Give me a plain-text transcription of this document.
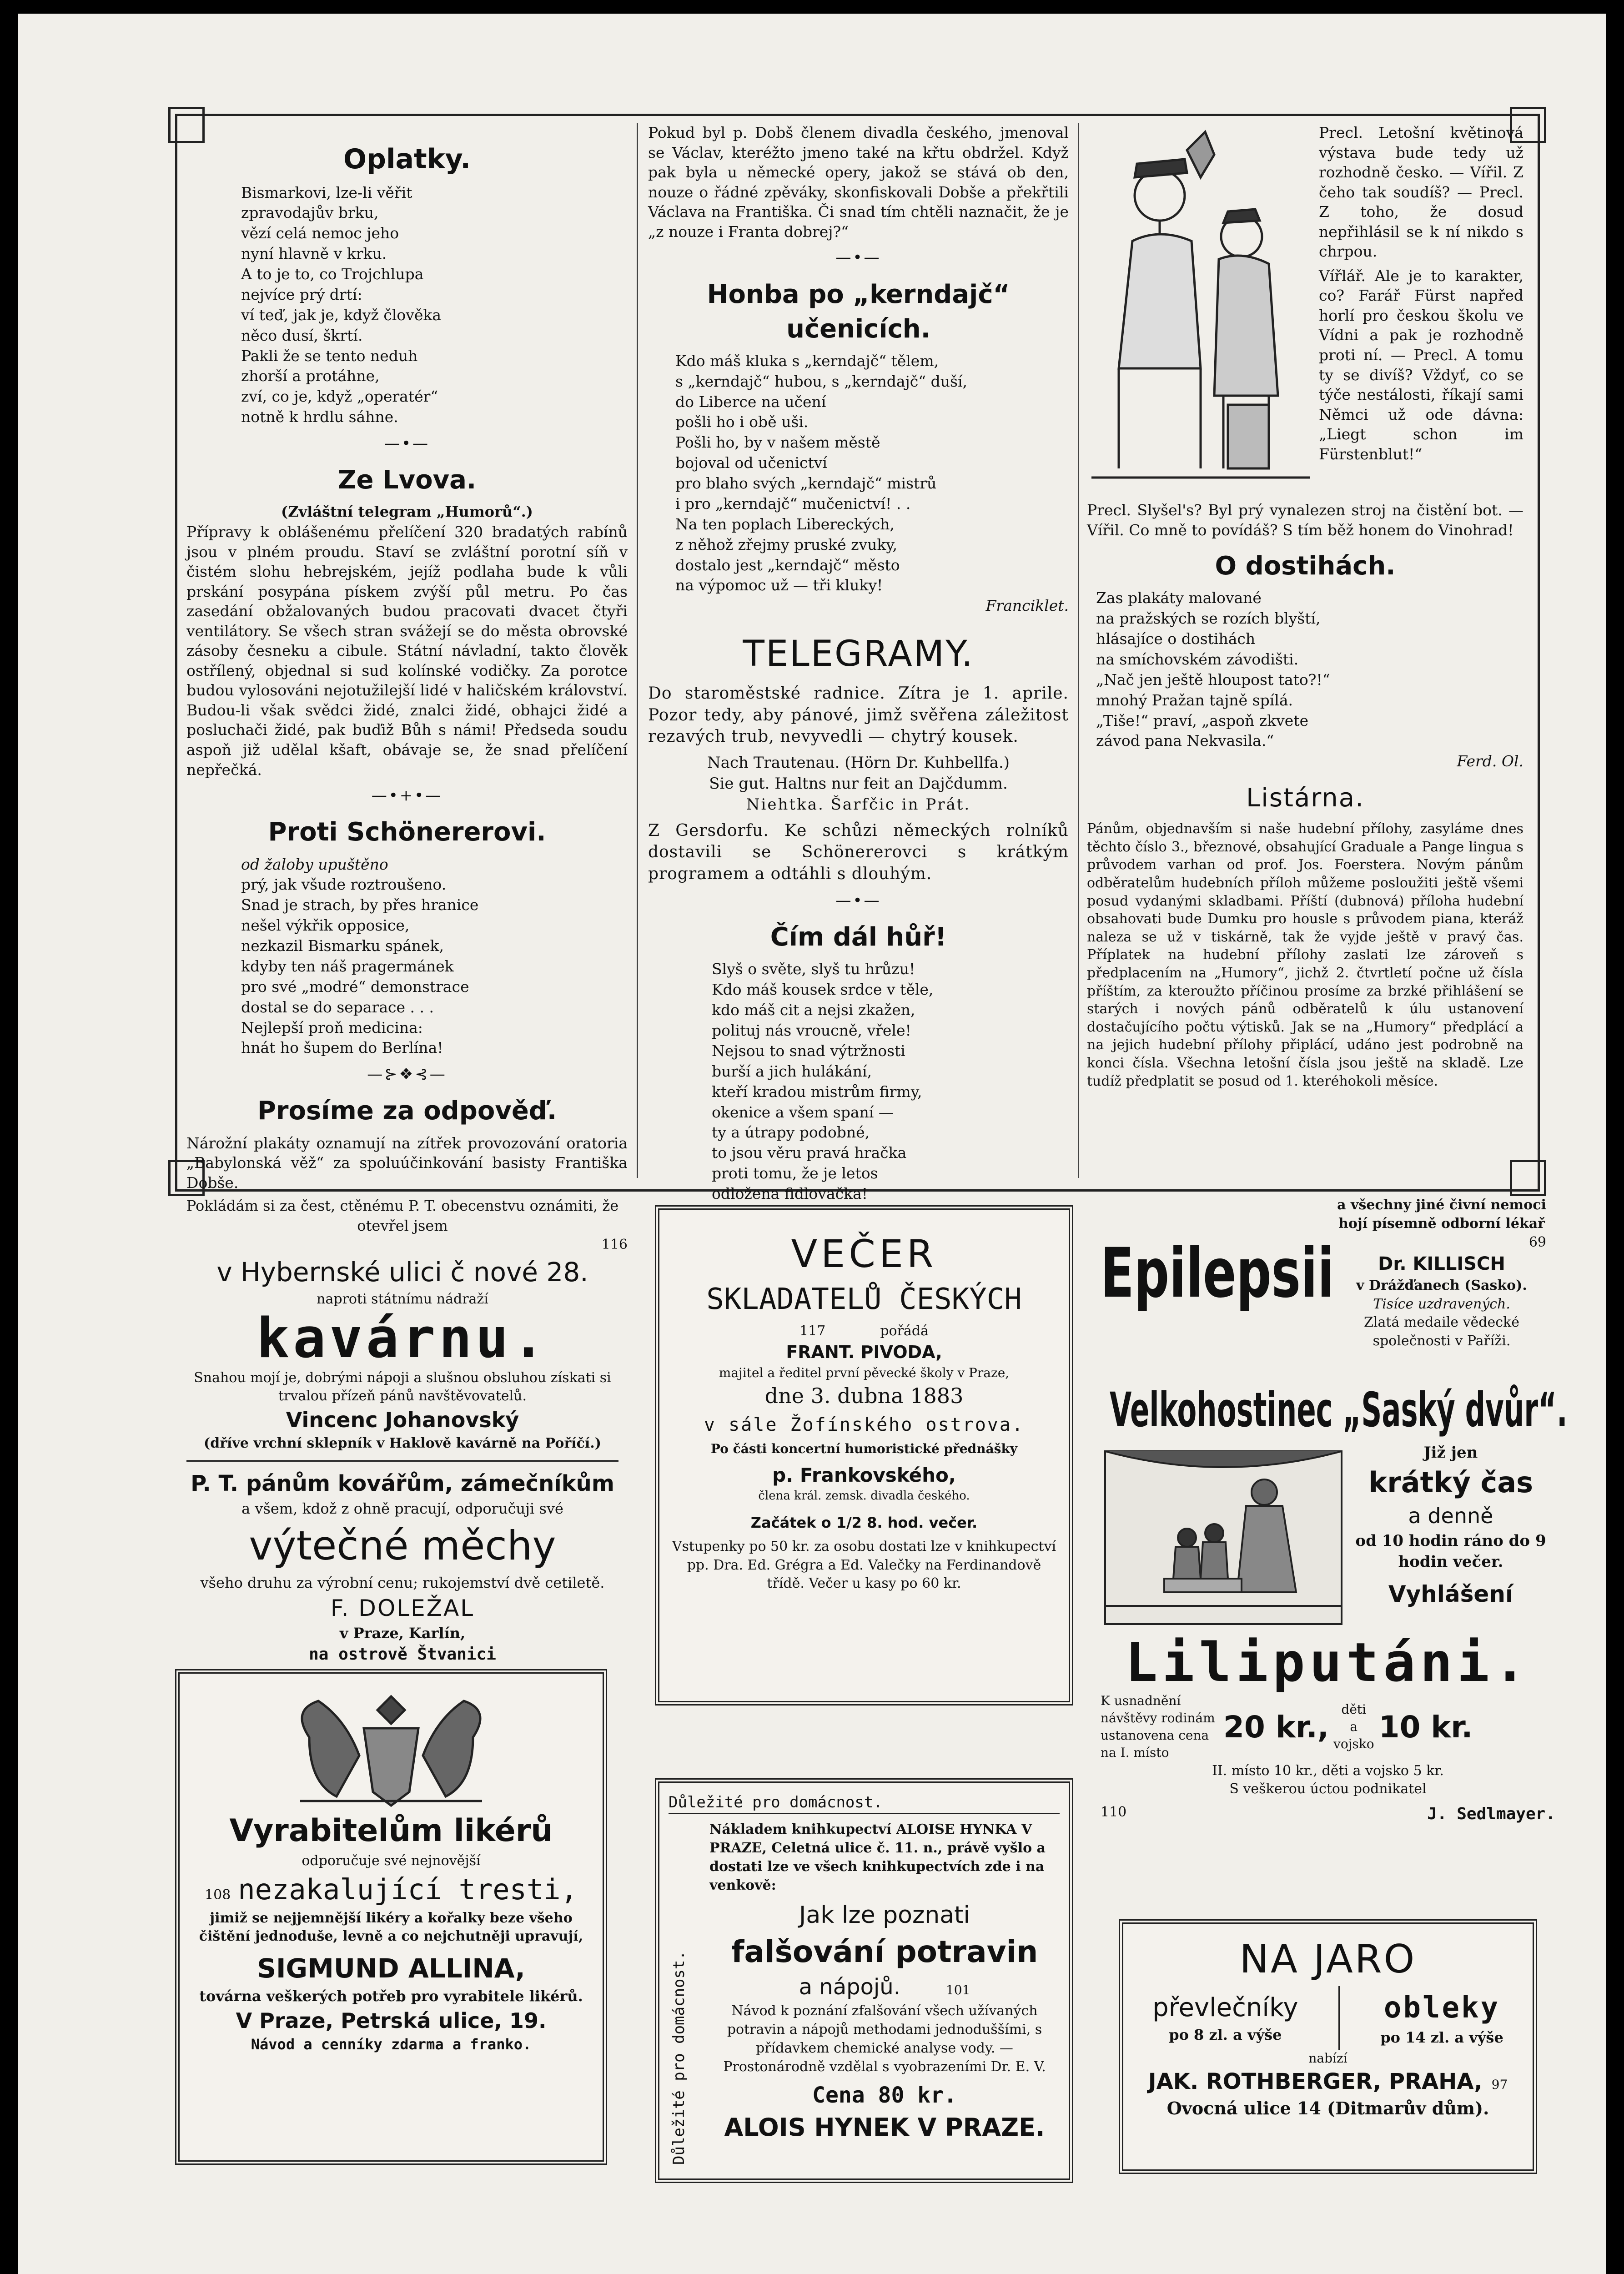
Oplatky.
Bismarkovi, lze-li věřit
zpravodajův brku,
vězí celá nemoc jeho
nyní hlavně v krku.
A to je to, co Trojchlupa
nejvíce prý drtí:
ví teď, jak je, když člověka
něco dusí, škrtí.
Pakli že se tento neduh
zhorší a protáhne,
zví, co je, když „operatér“
notně k hrdlu sáhne.
—•—
Ze Lvova.
(Zvláštní telegram „Humorů“.)

Přípravy k oblášenému přelíčení 320 bradatých rabínů jsou v plném proudu. Staví se zvláštní porotní síň v čistém slohu hebrejském, jejíž podlaha bude k vůli prskání posypána pískem zvýší půl metru. Po čas zasedání obžalovaných budou pracovati dvacet čtyři ventilátory. Se všech stran svážejí se do města obrovské zásoby česneku a cibule. Státní návladní, takto člověk ostřílený, objednal si sud kolínské vodičky. Za porotce budou vylosováni nejotužilejší lidé v haličském království. Budou-li však svědci židé, znalci židé, obhajci židé a posluchači židé, pak buďiž Bůh s námi! Předseda soudu aspoň již udělal kšaft, obávaje se, že snad přelíčení nepřečká.

—•+•—
Proti Schönererovi.
od žaloby upuštěno
prý, jak všude roztroušeno.
Snad je strach, by přes hranice
nešel výkřik opposice,
nezkazil Bismarku spánek,
kdyby ten náš pragermánek
pro své „modré“ demonstrace
dostal se do separace . . .
Nejlepší proň medicina:
hnát ho šupem do Berlína!
—⊱❖⊰—
Prosíme za odpověď.

Nárožní plakáty oznamují na zítřek provozování oratoria „Babylonská věž“ za spoluúčinkování basisty Františka Dobše.

Pokud byl p. Dobš členem divadla českého, jmenoval se Václav, kteréžto jmeno také na křtu obdržel. Když pak byla u německé opery, jakož se stává ob den, nouze o řádné zpěváky, skonfiskovali Dobše a překřtili Václava na Františka. Či snad tím chtěli naznačit, že je „z nouze i Franta dobrej?“

—•—
Honba po „kerndajč“ učenicích.
Kdo máš kluka s „kerndajč“ tělem,
s „kerndajč“ hubou, s „kerndajč“ duší,
do Liberce na učení
pošli ho i obě uši.
Pošli ho, by v našem městě
bojoval od učenictví
pro blaho svých „kerndajč“ mistrů
i pro „kerndajč“ mučenictví! . .
Na ten poplach Libereckých,
z něhož zřejmy pruské zvuky,
dostalo jest „kerndajč“ město
na výpomoc už — tři kluky!
Franciklet.
TELEGRAMY.

Do staroměstské radnice. Zítra je 1. aprile. Pozor tedy, aby pánové, jimž svěřena záležitost rezavých trub, nevyvedli — chytrý kousek.

Nach Trautenau. (Hörn Dr. Kuhbellfa.)
Sie gut. Haltns nur feit an Dajčdumm.
Niehtka. Šarfčic in Prát.

Z Gersdorfu. Ke schůzi německých rolníků dostavili se Schönererovci s krátkým programem a odtáhli s dlouhým.

—•—
Čím dál hůř!
Slyš o světe, slyš tu hrůzu!
Kdo máš kousek srdce v těle,
kdo máš cit a nejsi zkažen,
polituj nás vroucně, vřele!
Nejsou to snad výtržnosti
burší a jich hulákání,
kteří kradou mistrům firmy,
okenice a všem spaní —
ty a útrapy podobné,
to jsou věru pravá hračka
proti tomu, že je letos
odložena fidlovačka!

Precl. Letošní květinová výstava bude tedy už rozhodně česko. — Vířil. Z čeho tak soudíš? — Precl. Z toho, že dosud nepřihlásil se k ní nikdo s chrpou.

Vířlář. Ale je to karakter, co? Farář Fürst napřed horlí pro českou školu ve Vídni a pak je rozhodně proti ní. — Precl. A tomu ty se divíš? Vždyť, co se týče nestálosti, říkají sami Němci už ode dávna: „Liegt schon im Fürstenblut!“

Precl. Slyšel's? Byl prý vynalezen stroj na čistění bot. — Vířil. Co mně to povídáš? S tím běž honem do Vinohrad!

O dostihách.
Zas plakáty malované
na pražských se rozích blyští,
hlásajíce o dostihách
na smíchovském závodišti.
„Nač jen ještě hloupost tato?!“
mnohý Pražan tajně spílá.
„Tiše!“ praví, „aspoň zkvete
závod pana Nekvasila.“
Ferd. Ol.
Listárna.

Pánům, objednavším si naše hudební přílohy, zasyláme dnes těchto číslo 3., březnové, obsahující Graduale a Pange lingua s průvodem varhan od prof. Jos. Foerstera. Novým pánům odběratelům hudebních příloh můžeme posloužiti ještě všemi posud vydanými skladbami. Příští (dubnová) příloha hudební obsahovati bude Dumku pro housle s průvodem piana, kteráž naleza se už v tiskárně, tak že vyjde ještě v pravý čas. Příplatek na hudební přílohy zaslati lze zároveň s předplacením na „Humory“, jichž 2. čtvrtletí počne už čísla příštím, za kteroužto příčinou prosíme za brzké přihlášení se starých i nových pánů odběratelů k úlu ustanovení dostačujícího počtu výtisků. Jak se na „Humory“ předplácí a na jejich hudební přílohy připlácí, udáno jest podrobně na konci čísla. Všechna letošní čísla jsou ještě na skladě. Lze tudíž předplatit se posud od 1. kteréhokoli měsíce.

Pokládám si za čest, ctěnému P. T. obecenstvu oznámiti, že otevřel jsem
116
v Hybernské ulici č nové 28.
naproti státnímu nádraží
kavárnu.
Snahou mojí je, dobrými nápoji a slušnou obsluhou získati si trvalou přízeň pánů navštěvovatelů.
Vincenc Johanovský
(dříve vrchní sklepník v Haklově kavárně na Poříčí.)
P. T. pánům kovářům, zámečníkům
a všem, kdož z ohně pracují, odporučuji své
výtečné měchy
všeho druhu za výrobní cenu; rukojemství dvě cetiletě.
F. DOLEŽAL
v Praze, Karlín,
na ostrově Štvanici
Vyrabitelům likérů
odporučuje své nejnovější
108 nezakalující tresti,
jimiž se nejjemnější likéry a kořalky beze všeho čištění jednoduše, levně a co nejchutněji upravují,
SIGMUND ALLINA,
továrna veškerých potřeb pro vyrabitele likérů.
V Praze, Petrská ulice, 19.
Návod a cenníky zdarma a franko.
VEČER
SKLADATELŮ ČESKÝCH
117	pořádá
FRANT. PIVODA,
majitel a ředitel první pěvecké školy v Praze,
dne 3. dubna 1883
v sále Žofínského ostrova.
Po části koncertní humoristické přednášky
p. Frankovského,
člena král. zemsk. divadla českého.
Začátek o 1/2 8. hod. večer.
Vstupenky po 50 kr. za osobu dostati lze v knihkupectví pp. Dra. Ed. Grégra a Ed. Valečky na Ferdinandově třídě. Večer u kasy po 60 kr.
Důležité pro domácnost.
Důležité pro domácnost.
Nákladem knihkupectví ALOISE HYNKA V PRAZE, Celetná ulice č. 11. n., právě vyšlo a dostati lze ve všech knihkupectvích zde i na venkově:
Jak lze poznati
falšování potravin
a nápojů.	101
Návod k poznání zfalšování všech užívaných potravin a nápojů methodami jednoduššími, s přídavkem chemické analyse vody. — Prostonárodně vzdělal s vyobrazeními Dr. E. V.
Cena 80 kr.
ALOIS HYNEK V PRAZE.
Epilepsii
a všechny jiné čivní nemoci hojí písemně odborní lékař
69
Dr. KILLISCH
v Drážďanech (Sasko).
Tisíce uzdravených.
Zlatá medaile vědecké společnosti v Paříži.
Velkohostinec „Saský dvůr“.
Již jen
krátký čas
a denně
od 10 hodin ráno do 9 hodin večer.
Vyhlášení
Liliputáni.
K usnadnění návštěvy rodinám ustanovena cena na I. místo
20 kr., děti
a
vojsko 10 kr.
II. místo 10 kr., děti a vojsko 5 kr.
S veškerou úctou podnikatel
110	J. Sedlmayer.
NA JARO
převlečníky
po 8 zl. a výše
obleky
po 14 zl. a výše
nabízí
JAK. ROTHBERGER, PRAHA, 97
Ovocná ulice 14 (Ditmarův dům).
